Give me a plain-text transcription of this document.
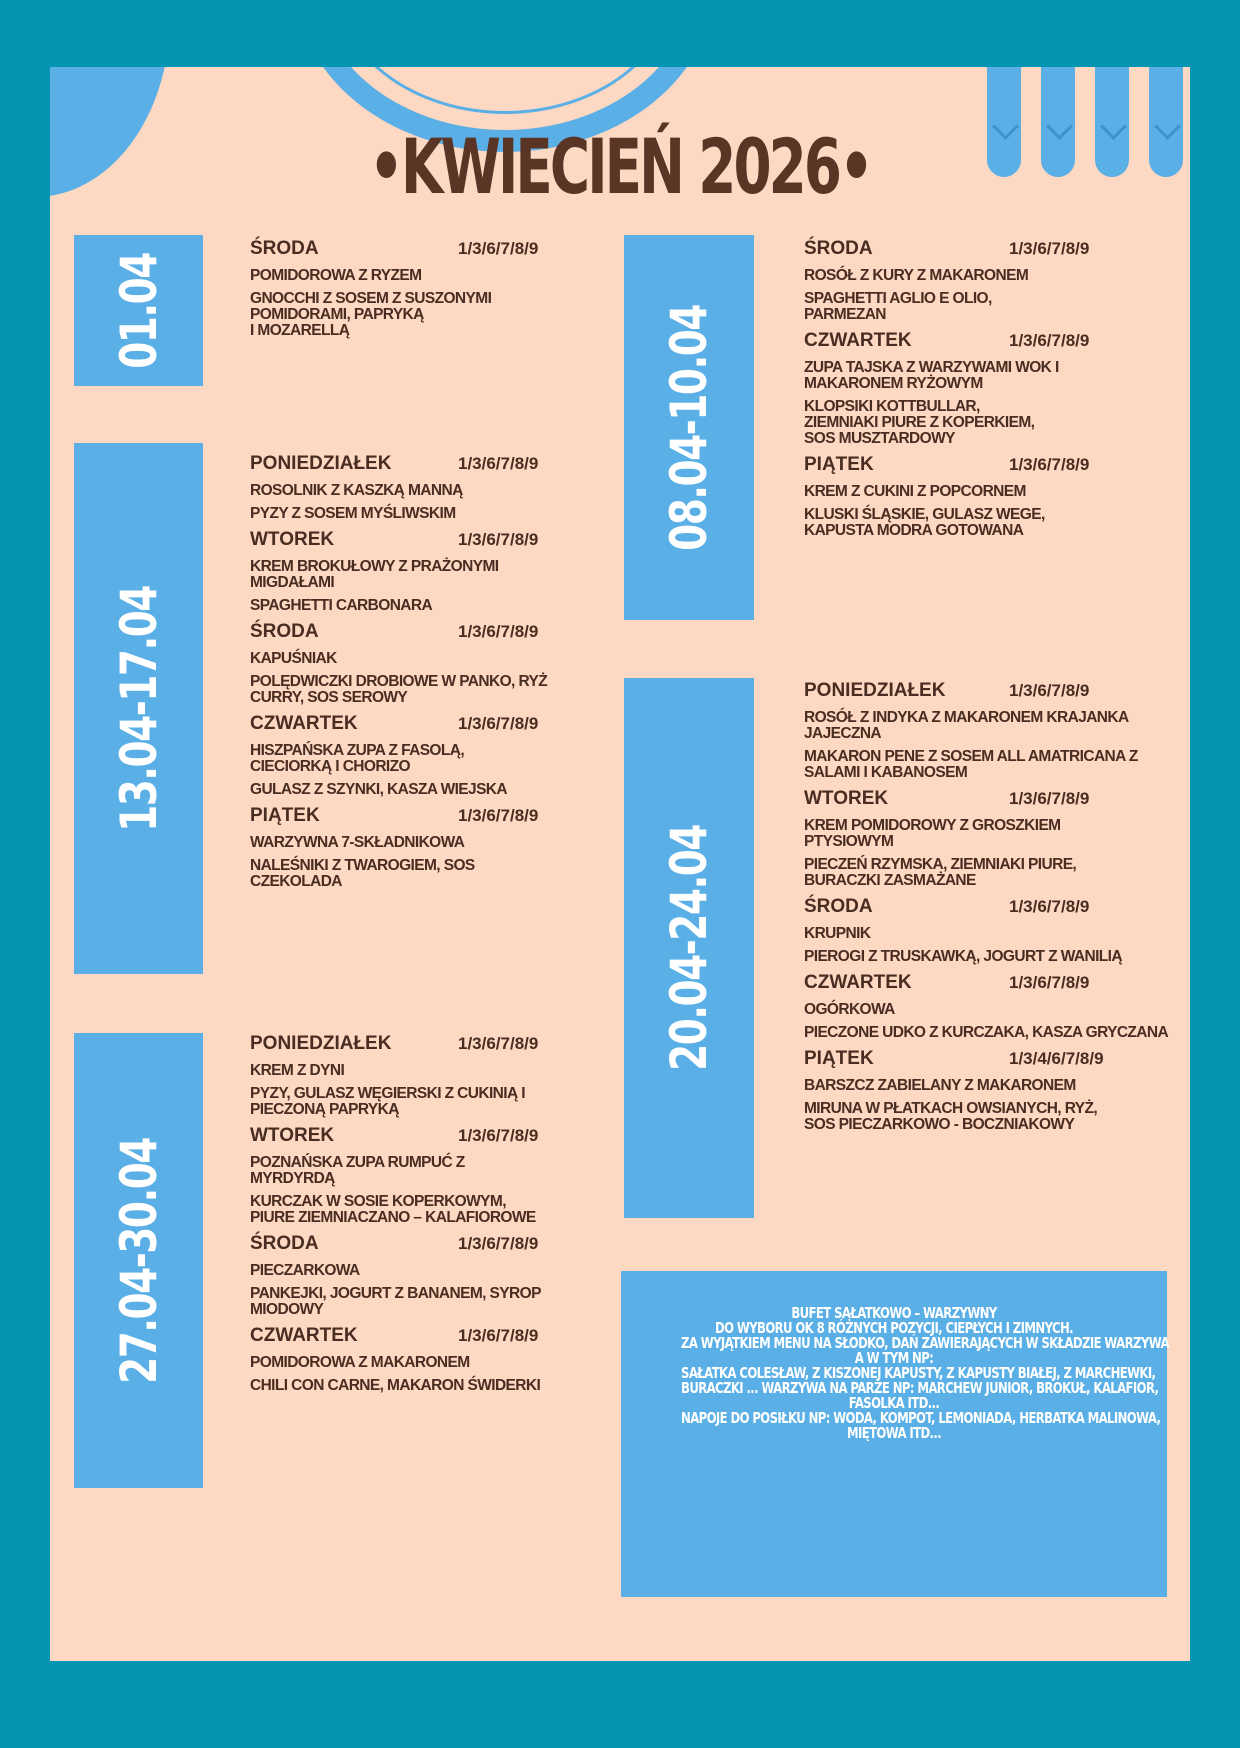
•KWIECIEŃ 2026•
01.04
13.04-17.04
27.04-30.04
08.04-10.04
20.04-24.04
ŚRODA	1/3/6/7/8/9
POMIDOROWA Z RYZEM
GNOCCHI Z SOSEM Z SUSZONYMI
POMIDORAMI, PAPRYKĄ
I MOZARELLĄ
PONIEDZIAŁEK	1/3/6/7/8/9
ROSOLNIK Z KASZKĄ MANNĄ
PYZY Z SOSEM MYŚLIWSKIM
WTOREK	1/3/6/7/8/9
KREM BROKUŁOWY Z PRAŻONYMI
MIGDAŁAMI
SPAGHETTI CARBONARA
ŚRODA	1/3/6/7/8/9
KAPUŚNIAK
POLĘDWICZKI DROBIOWE W PANKO, RYŻ
CURRY, SOS SEROWY
CZWARTEK	1/3/6/7/8/9
HISZPAŃSKA ZUPA Z FASOLĄ,
CIECIORKĄ I CHORIZO
GULASZ Z SZYNKI, KASZA WIEJSKA
PIĄTEK	1/3/6/7/8/9
WARZYWNA 7-SKŁADNIKOWA
NALEŚNIKI Z TWAROGIEM, SOS
CZEKOLADA
PONIEDZIAŁEK	1/3/6/7/8/9
KREM Z DYNI
PYZY, GULASZ WĘGIERSKI Z CUKINIĄ I
PIECZONĄ PAPRYKĄ
WTOREK	1/3/6/7/8/9
POZNAŃSKA ZUPA RUMPUĆ Z
MYRDYRDĄ
KURCZAK W SOSIE KOPERKOWYM,
PIURE ZIEMNIACZANO – KALAFIOROWE
ŚRODA	1/3/6/7/8/9
PIECZARKOWA
PANKEJKI, JOGURT Z BANANEM, SYROP
MIODOWY
CZWARTEK	1/3/6/7/8/9
POMIDOROWA Z MAKARONEM
CHILI CON CARNE, MAKARON ŚWIDERKI
ŚRODA	1/3/6/7/8/9
ROSÓŁ Z KURY Z MAKARONEM
SPAGHETTI AGLIO E OLIO,
PARMEZAN
CZWARTEK	1/3/6/7/8/9
ZUPA TAJSKA Z WARZYWAMI WOK I
MAKARONEM RYŻOWYM
KLOPSIKI KOTTBULLAR,
ZIEMNIAKI PIURE Z KOPERKIEM,
SOS MUSZTARDOWY
PIĄTEK	1/3/6/7/8/9
KREM Z CUKINI Z POPCORNEM
KLUSKI ŚLĄSKIE, GULASZ WEGE,
KAPUSTA MODRA GOTOWANA
PONIEDZIAŁEK	1/3/6/7/8/9
ROSÓŁ Z INDYKA Z MAKARONEM KRAJANKA
JAJECZNA
MAKARON PENE Z SOSEM ALL AMATRICANA Z
SALAMI I KABANOSEM
WTOREK	1/3/6/7/8/9
KREM POMIDOROWY Z GROSZKIEM
PTYSIOWYM
PIECZEŃ RZYMSKA, ZIEMNIAKI PIURE,
BURACZKI ZASMAŻANE
ŚRODA	1/3/6/7/8/9
KRUPNIK
PIEROGI Z TRUSKAWKĄ, JOGURT Z WANILIĄ
CZWARTEK	1/3/6/7/8/9
OGÓRKOWA
PIECZONE UDKO Z KURCZAKA, KASZA GRYCZANA
PIĄTEK	1/3/4/6/7/8/9
BARSZCZ ZABIELANY Z MAKARONEM
MIRUNA W PŁATKACH OWSIANYCH, RYŻ,
SOS PIECZARKOWO - BOCZNIAKOWY
BUFET SAŁATKOWO – WARZYWNY
DO WYBORU OK 8 RÓŻNYCH POZYCJI, CIEPŁYCH I ZIMNYCH.
ZA WYJĄTKIEM MENU NA SŁODKO, DAŃ ZAWIERAJĄCYCH W SKŁADZIE WARZYWA
A W TYM NP:
SAŁATKA COLESŁAW, Z KISZONEJ KAPUSTY, Z KAPUSTY BIAŁEJ, Z MARCHEWKI,
BURACZKI ... WARZYWA NA PARZE NP: MARCHEW JUNIOR, BROKUŁ, KALAFIOR,
FASOLKA ITD...
NAPOJE DO POSIŁKU NP: WODA, KOMPOT, LEMONIADA, HERBATKA MALINOWA,
MIĘTOWA ITD...
